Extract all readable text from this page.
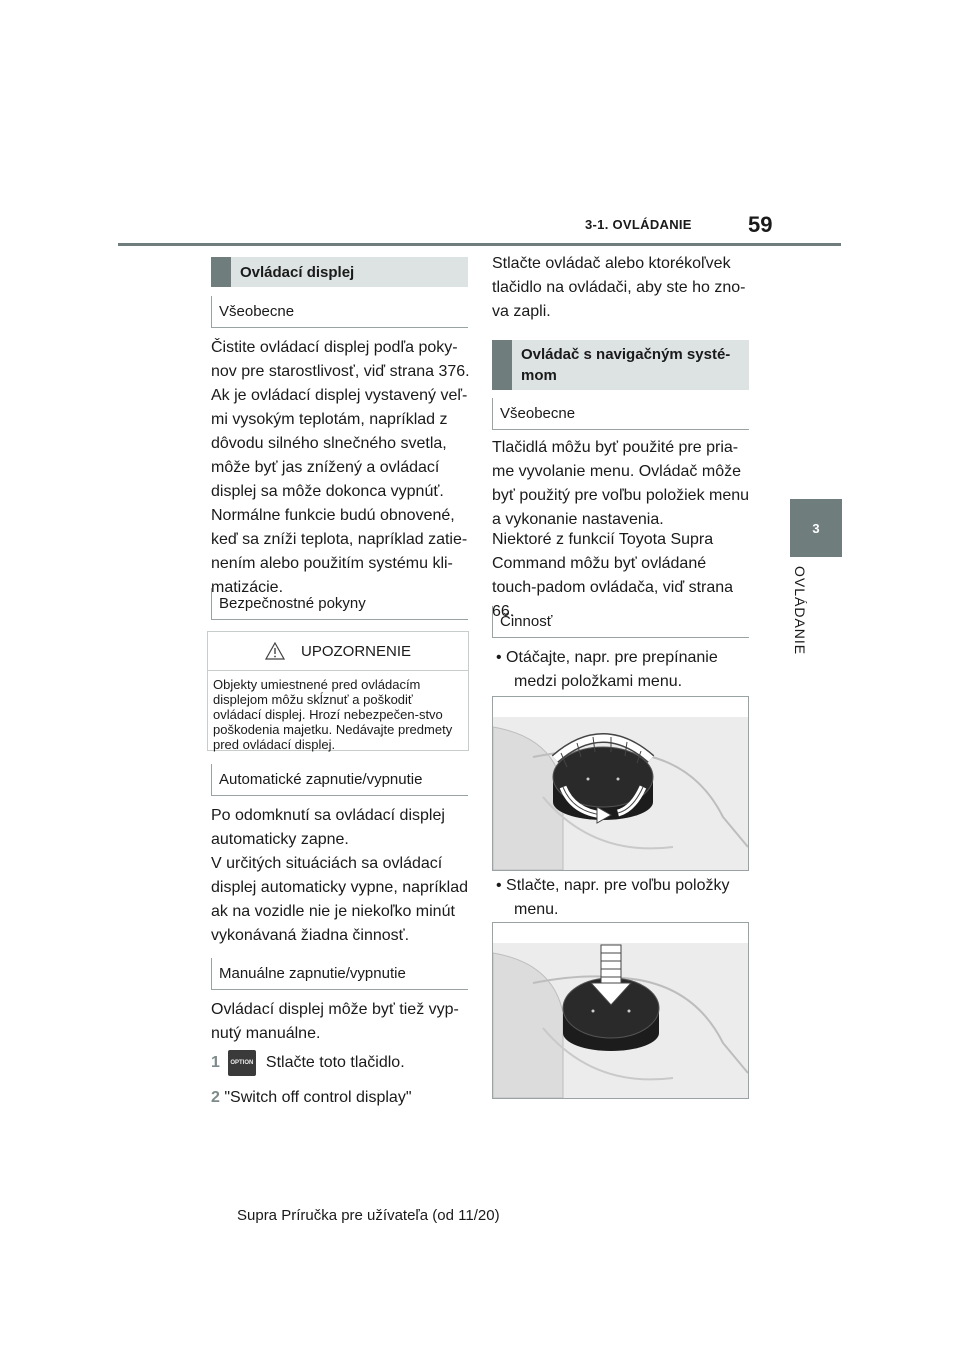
3-1. OVLÁDANIE	59
3
OVLÁDANIE
Ovládací displej
Všeobecne
Čistite ovládací displej podľa poky-nov pre starostlivosť, viď strana 376.
Ak je ovládací displej vystavený veľ-mi vysokým teplotám, napríklad z dôvodu silného slnečného svetla, môže byť jas znížený a ovládací displej sa môže dokonca vypnúť. Normálne funkcie budú obnovené, keď sa zníži teplota, napríklad zatie-nením alebo použitím systému kli-matizácie.
Bezpečnostné pokyny
UPOZORNENIE
Objekty umiestnené pred ovládacím displejom môžu skĺznuť a poškodiť ovládací displej. Hrozí nebezpečen-stvo poškodenia majetku. Nedávajte predmety pred ovládací displej.
Automatické zapnutie/vypnutie
Po odomknutí sa ovládací displej automaticky zapne.
V určitých situáciách sa ovládací displej automaticky vypne, napríklad ak na vozidle nie je niekoľko minút vykonávaná žiadna činnosť.
Manuálne zapnutie/vypnutie
Ovládací displej môže byť tiež vyp-nutý manuálne.
1	OPTION Stlačte toto tlačidlo.
2 "Switch off control display"
Stlačte ovládač alebo ktorékoľvek tlačidlo na ovládači, aby ste ho zno-va zapli.
Ovládač s navigačným systé-mom
Všeobecne
Tlačidlá môžu byť použité pre pria-me vyvolanie menu. Ovládač môže byť použitý pre voľbu položiek menu a vykonanie nastavenia.
Niektoré z funkcií Toyota Supra Command môžu byť ovládané touch-padom ovládača, viď strana 66.
Činnosť
• Otáčajte, napr. pre prepínanie medzi položkami menu.
• Stlačte, napr. pre voľbu položky menu.
Supra Príručka pre užívateľa (od 11/20)
